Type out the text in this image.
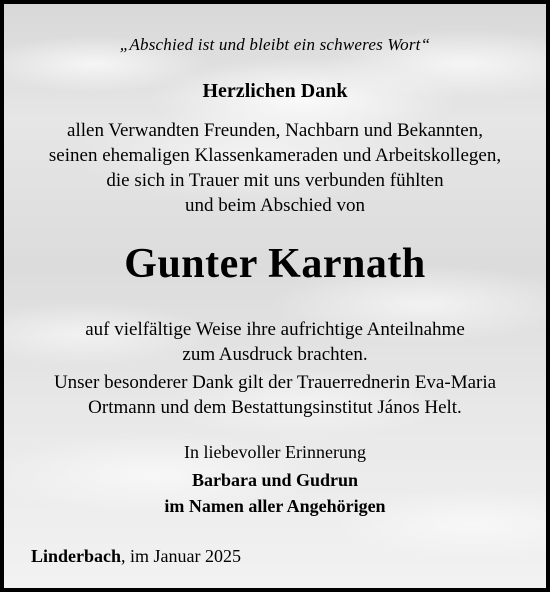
„Abschied ist und bleibt ein schweres Wort“

Herzlichen Dank

allen Verwandten Freunden, Nachbarn und Bekannten,

seinen ehemaligen Klassenkameraden und Arbeitskollegen,

die sich in Trauer mit uns verbunden fühlten

und beim Abschied von

Gunter Karnath

auf vielfältige Weise ihre aufrichtige Anteilnahme

zum Ausdruck brachten.

Unser besonderer Dank gilt der Trauerrednerin Eva-Maria

Ortmann und dem Bestattungsinstitut János Helt.

In liebevoller Erinnerung

Barbara und Gudrun

im Namen aller Angehörigen

Linderbach, im Januar 2025
